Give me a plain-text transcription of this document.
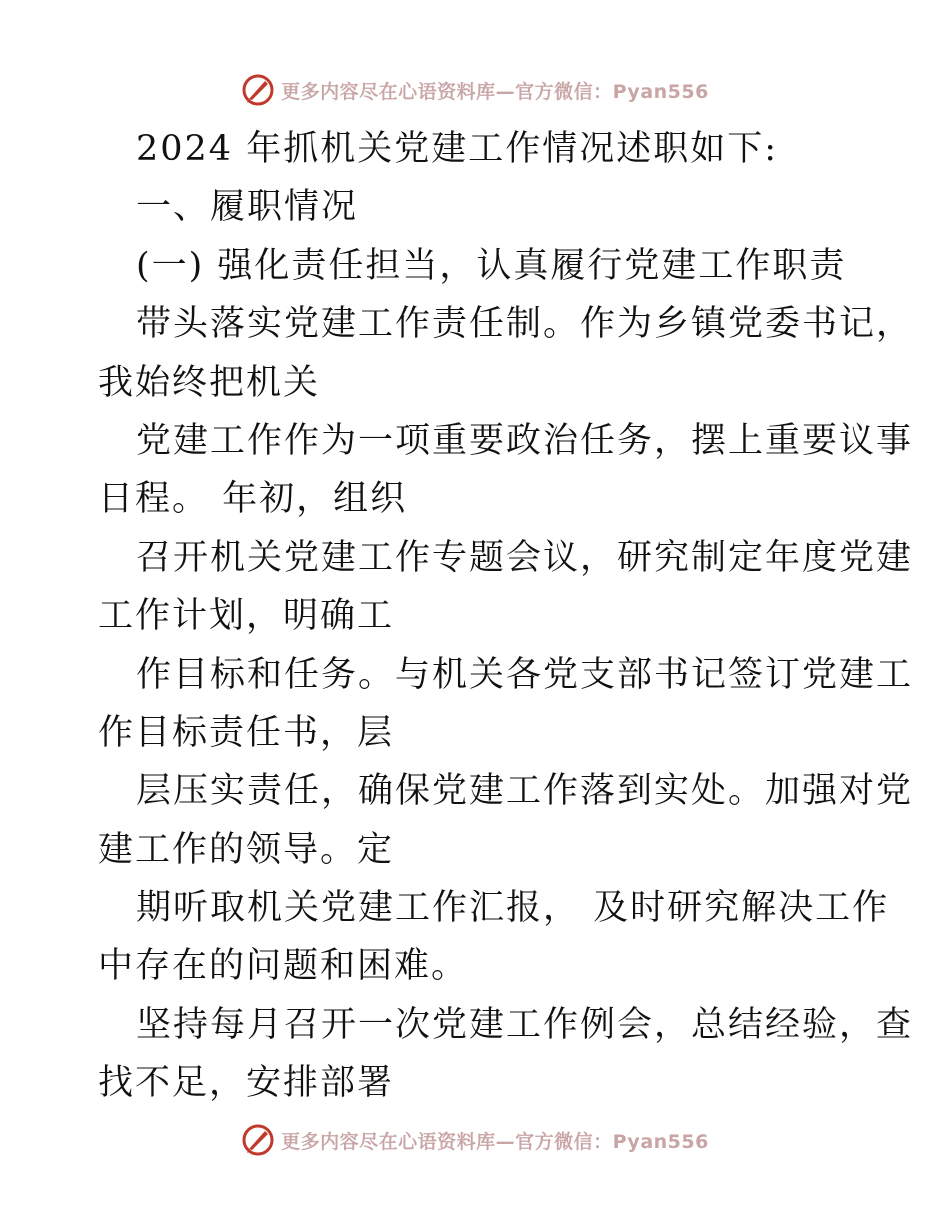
更多内容尽在心语资料库—官方微信：Pyan556
2024 年抓机关党建工作情况述职如下:
一、履职情况
(一) 强化责任担当，认真履行党建工作职责
带头落实党建工作责任制。作为乡镇党委书记，
我始终把机关
党建工作作为一项重要政治任务，摆上重要议事
日程。 年初，组织
召开机关党建工作专题会议，研究制定年度党建
工作计划，明确工
作目标和任务。与机关各党支部书记签订党建工
作目标责任书，层
层压实责任，确保党建工作落到实处。加强对党
建工作的领导。定
期听取机关党建工作汇报， 及时研究解决工作
中存在的问题和困难。
坚持每月召开一次党建工作例会，总结经验，查
找不足，安排部署
更多内容尽在心语资料库—官方微信：Pyan556
